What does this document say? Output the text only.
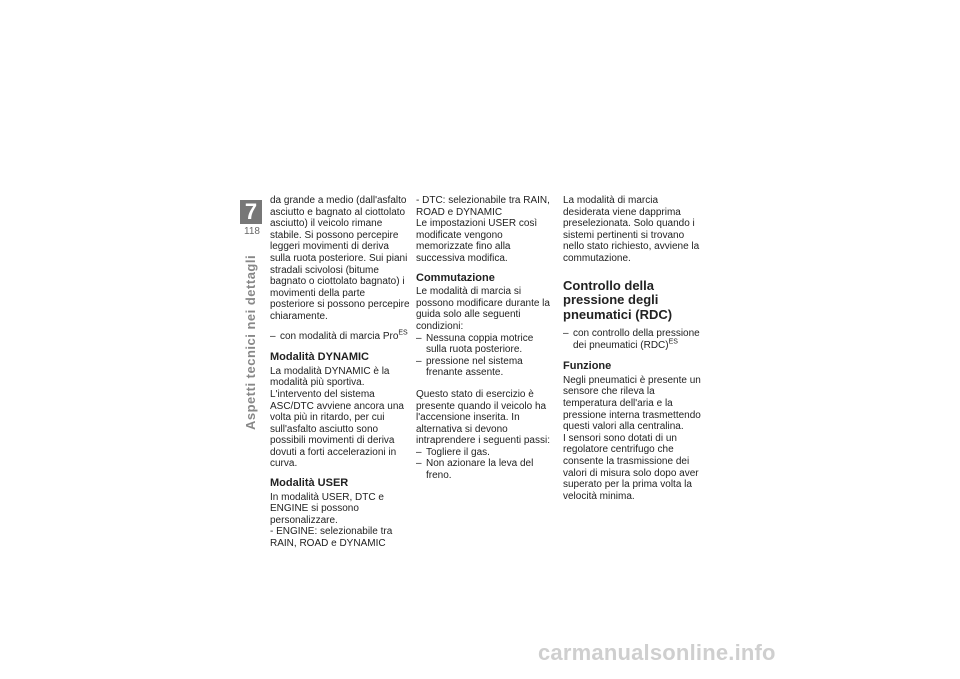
7
118
Aspetti tecnici nei dettagli

da grande a medio (dall'asfalto asciutto e bagnato al ciottolato asciutto) il veicolo rimane stabile. Si possono percepire leggeri movimenti di deriva sulla ruota posteriore. Sui piani stradali scivolosi (bitume bagnato o ciottolato bagnato) i movimenti della parte posteriore si possono percepire chiaramente.

– con modalità di marcia Pro$^{ES}$
Modalità DYNAMIC

La modalità DYNAMIC è la modalità più sportiva. L'intervento del sistema ASC/DTC avviene ancora una volta più in ritardo, per cui sull'asfalto asciutto sono possibili movimenti di deriva dovuti a forti accelerazioni in curva.

Modalità USER

In modalità USER, DTC e ENGINE si possono personalizzare.

- ENGINE: selezionabile tra RAIN, ROAD e DYNAMIC

- DTC: selezionabile tra RAIN, ROAD e DYNAMIC

Le impostazioni USER così modificate vengono memorizzate fino alla successiva modifica.

Commutazione

Le modalità di marcia si possono modificare durante la guida solo alle seguenti condizioni:

– Nessuna coppia motrice sulla ruota posteriore.
– pressione nel sistema frenante assente.

Questo stato di esercizio è presente quando il veicolo ha l'accensione inserita. In alternativa si devono intraprendere i seguenti passi:

– Togliere il gas.
– Non azionare la leva del freno.

La modalità di marcia desiderata viene dapprima preselezionata. Solo quando i sistemi pertinenti si trovano nello stato richiesto, avviene la commutazione.

Controllo della pressione degli pneumatici (RDC)
– con controllo della pressione dei pneumatici (RDC)$^{ES}$
Funzione

Negli pneumatici è presente un sensore che rileva la temperatura dell'aria e la pressione interna trasmettendo questi valori alla centralina.

I sensori sono dotati di un regolatore centrifugo che consente la trasmissione dei valori di misura solo dopo aver superato per la prima volta la velocità minima.

carmanualsonline.info
